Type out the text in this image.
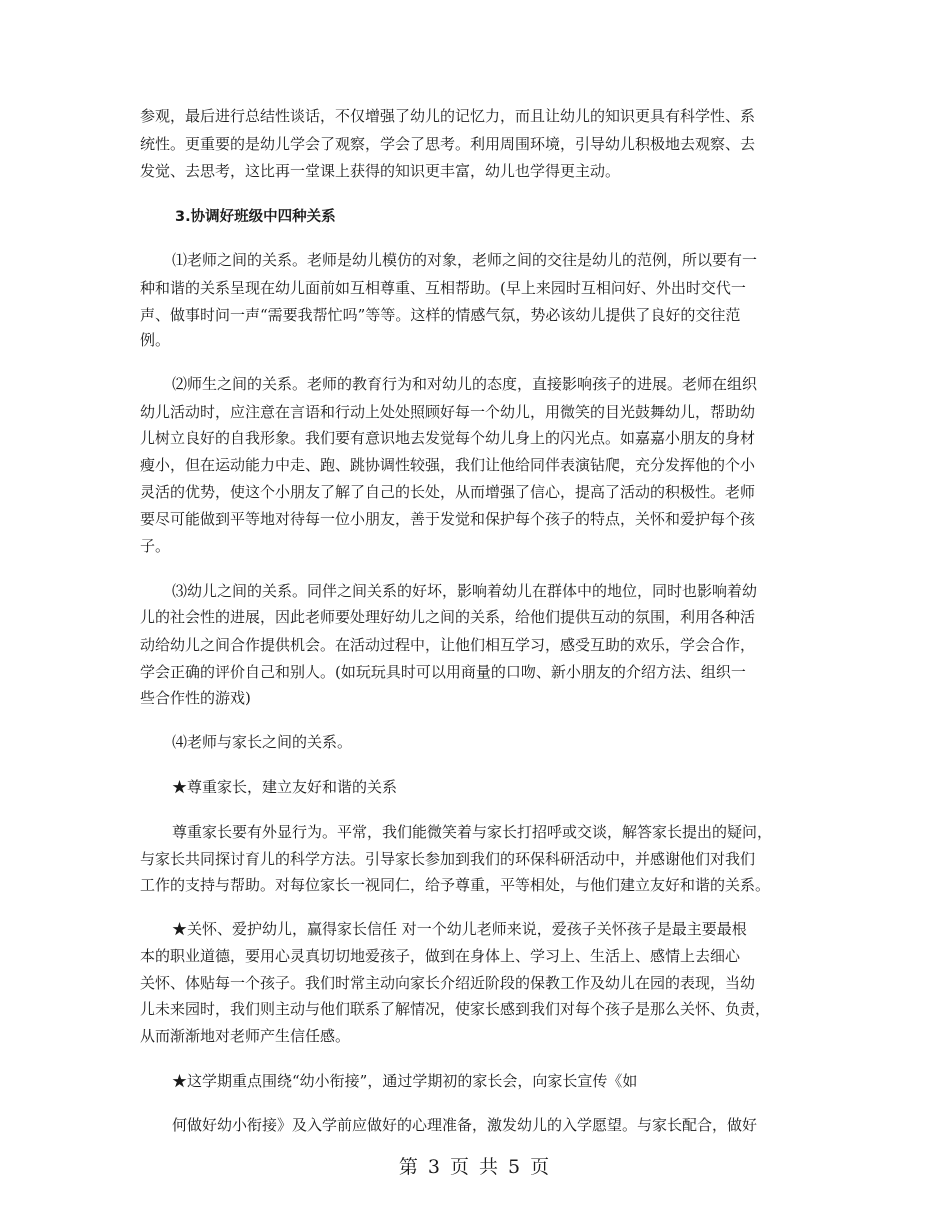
参观，最后进行总结性谈话，不仅增强了幼儿的记忆力，而且让幼儿的知识更具有科学性、系
统性。更重要的是幼儿学会了观察，学会了思考。利用周围环境，引导幼儿积极地去观察、去
发觉、去思考，这比再一堂课上获得的知识更丰富，幼儿也学得更主动。
3.协调好班级中四种关系
⑴老师之间的关系。老师是幼儿模仿的对象，老师之间的交往是幼儿的范例，所以要有一
种和谐的关系呈现在幼儿面前如互相尊重、互相帮助。(早上来园时互相问好、外出时交代一
声、做事时问一声“需要我帮忙吗”等等。这样的情感气氛，势必该幼儿提供了良好的交往范
例。
⑵师生之间的关系。老师的教育行为和对幼儿的态度，直接影响孩子的进展。老师在组织
幼儿活动时，应注意在言语和行动上处处照顾好每一个幼儿，用微笑的目光鼓舞幼儿，帮助幼
儿树立良好的自我形象。我们要有意识地去发觉每个幼儿身上的闪光点。如嘉嘉小朋友的身材
瘦小，但在运动能力中走、跑、跳协调性较强，我们让他给同伴表演钻爬，充分发挥他的个小
灵活的优势，使这个小朋友了解了自己的长处，从而增强了信心，提高了活动的积极性。老师
要尽可能做到平等地对待每一位小朋友，善于发觉和保护每个孩子的特点，关怀和爱护每个孩
子。
⑶幼儿之间的关系。同伴之间关系的好坏，影响着幼儿在群体中的地位，同时也影响着幼
儿的社会性的进展，因此老师要处理好幼儿之间的关系，给他们提供互动的氛围，利用各种活
动给幼儿之间合作提供机会。在活动过程中，让他们相互学习，感受互助的欢乐，学会合作，
学会正确的评价自己和别人。(如玩玩具时可以用商量的口吻、新小朋友的介绍方法、组织一
些合作性的游戏)
⑷老师与家长之间的关系。
★尊重家长，建立友好和谐的关系
尊重家长要有外显行为。平常，我们能微笑着与家长打招呼或交谈，解答家长提出的疑问，
与家长共同探讨育儿的科学方法。引导家长参加到我们的环保科研活动中，并感谢他们对我们
工作的支持与帮助。对每位家长一视同仁，给予尊重，平等相处，与他们建立友好和谐的关系。
★关怀、爱护幼儿，赢得家长信任 对一个幼儿老师来说，爱孩子关怀孩子是最主要最根
本的职业道德，要用心灵真切切地爱孩子，做到在身体上、学习上、生活上、感情上去细心
关怀、体贴每一个孩子。我们时常主动向家长介绍近阶段的保教工作及幼儿在园的表现，当幼
儿未来园时，我们则主动与他们联系了解情况，使家长感到我们对每个孩子是那么关怀、负责，
从而渐渐地对老师产生信任感。
★这学期重点围绕“幼小衔接”，通过学期初的家长会，向家长宣传《如
何做好幼小衔接》及入学前应做好的心理准备，激发幼儿的入学愿望。与家长配合，做好
第 3 页 共 5 页
